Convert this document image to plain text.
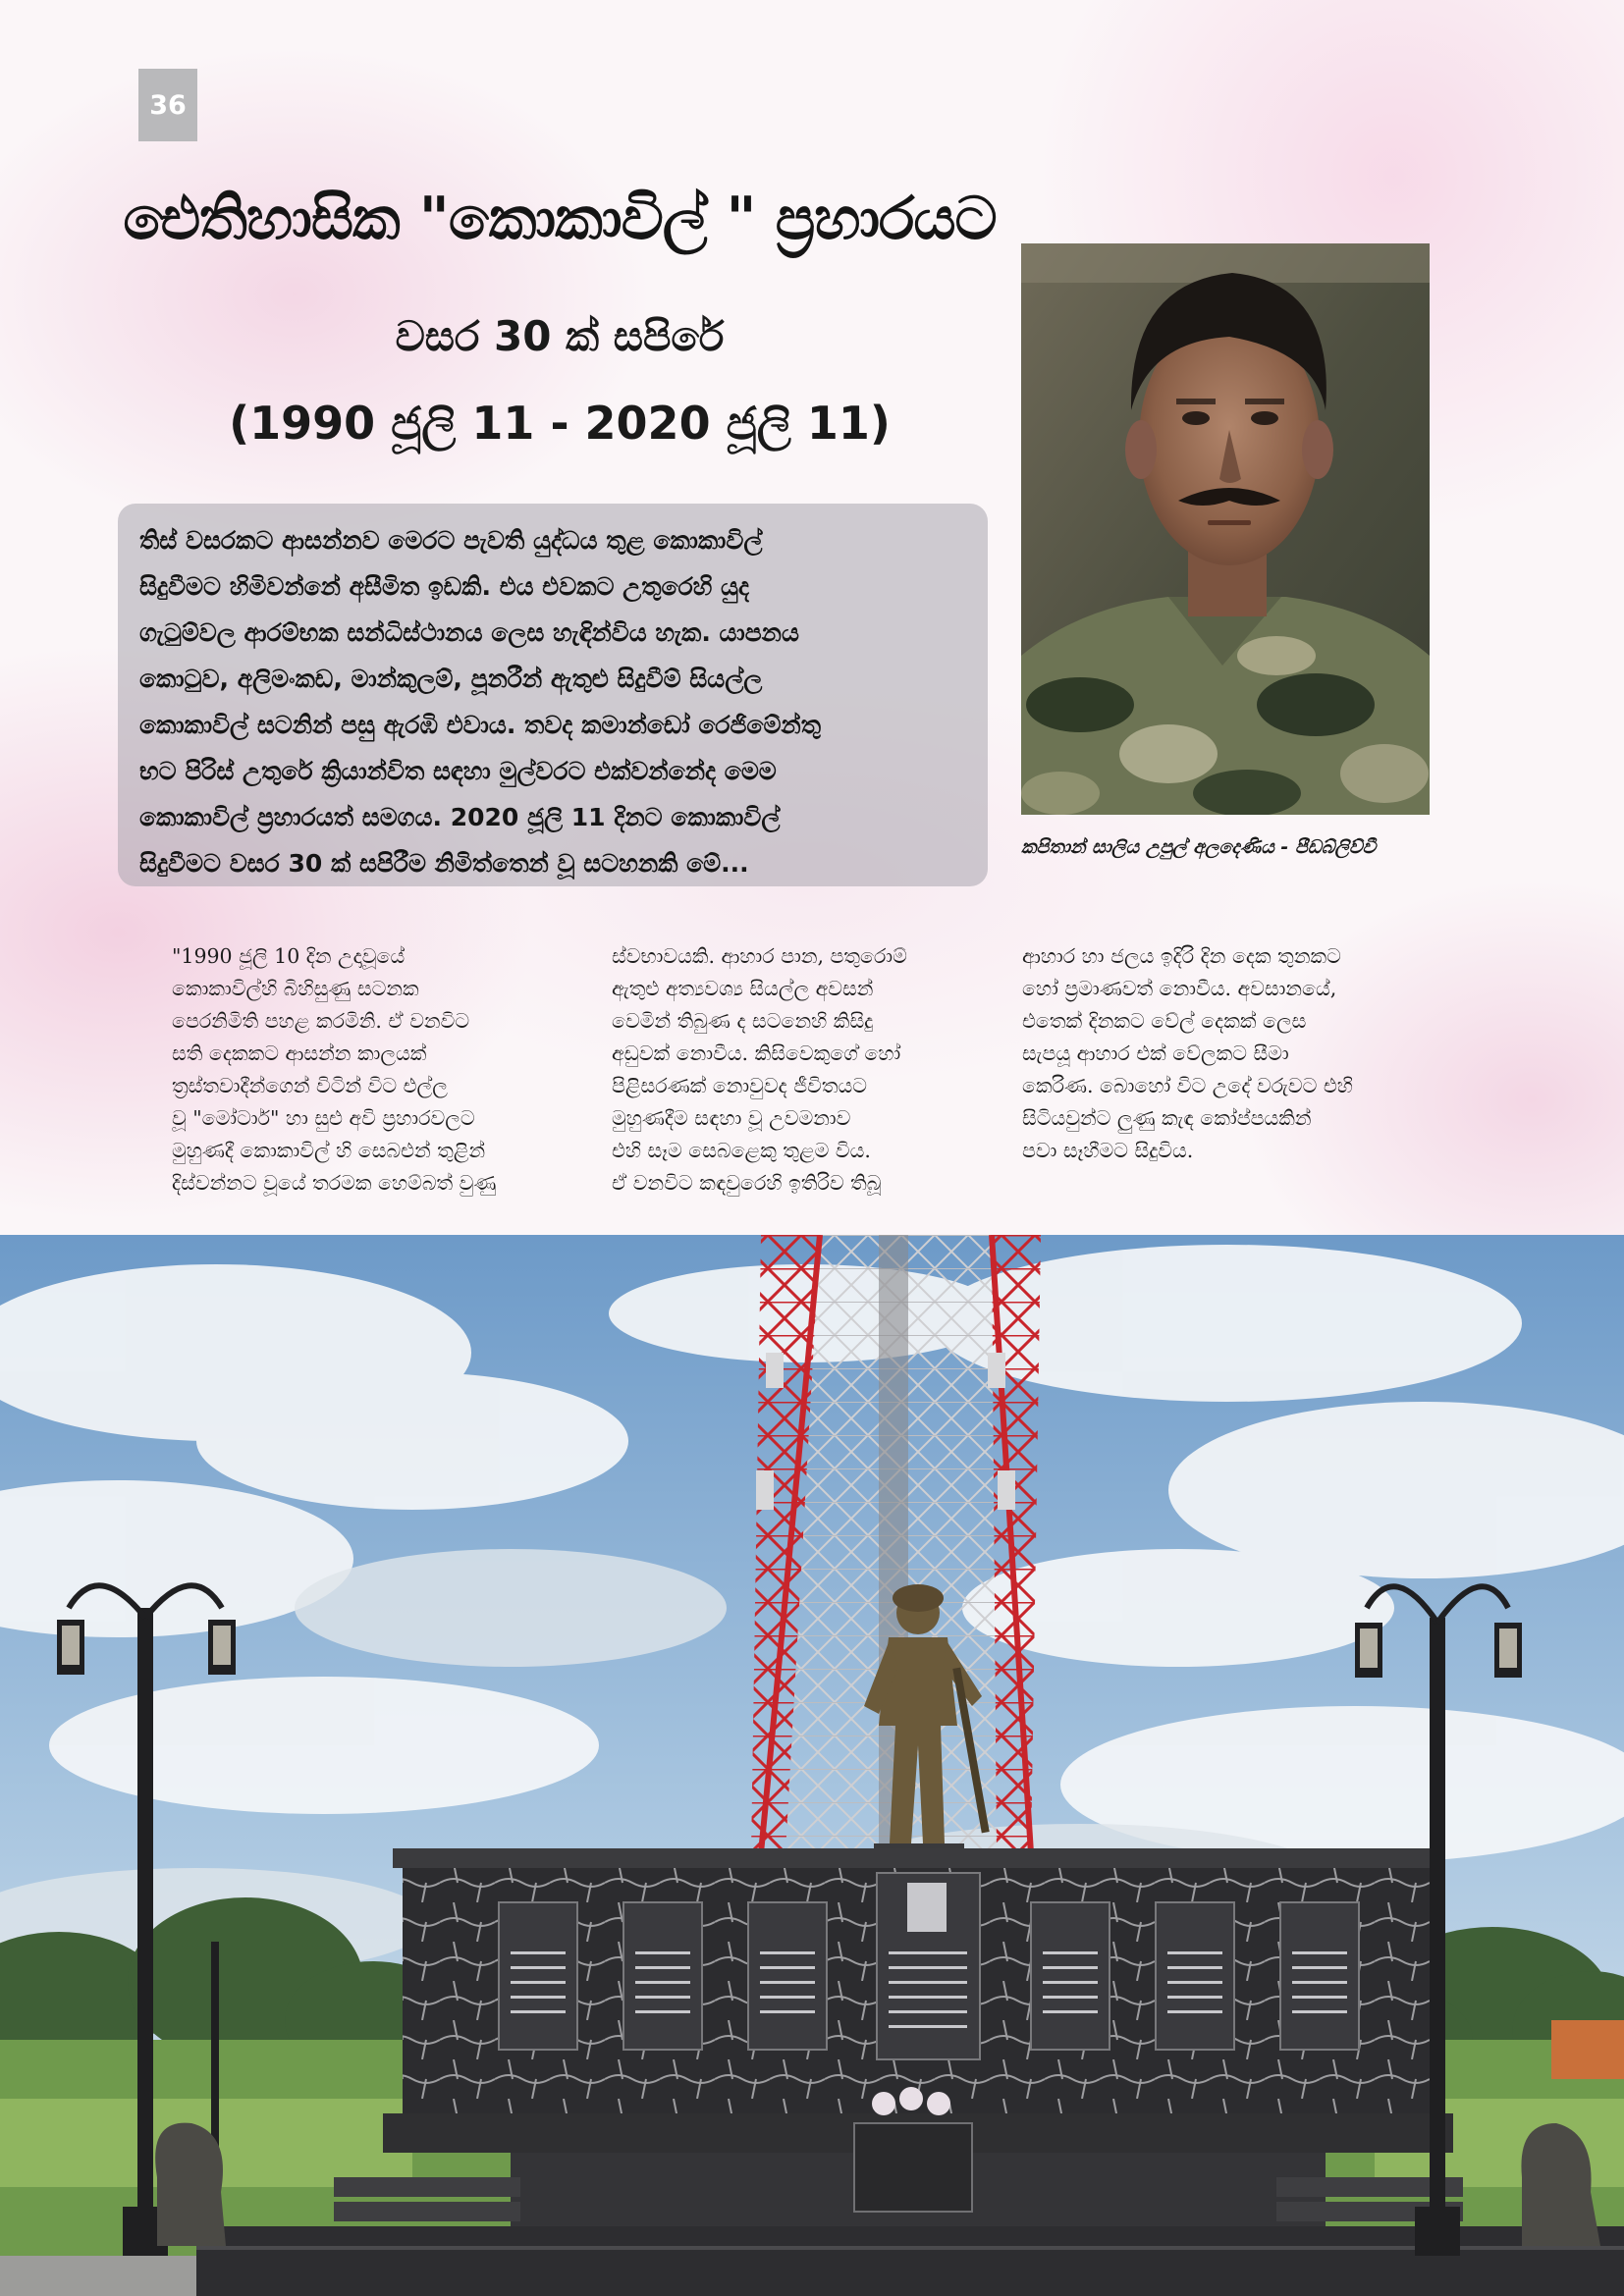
36
ඓතිහාසික "කොකාවිල් " ප්‍රහාරයට
වසර 30 ක් සපිරේ
(1990 ජූලි 11 - 2020 ජූලි 11)
තිස් වසරකට ආසන්නව මෙරට පැවති යුද්ධය තුළ කොකාවිල්
සිදුවීමට හිමිවන්නේ අසීමිත ඉඩකි. එය එවකට උතුරෙහි යුද
ගැටුම්වල ආරම්භක සන්ධිස්ථානය ලෙස හැඳින්විය හැක. යාපනය
කොටුව, අලිමංකඩ, මාන්කුලම්, පූනරීන් ඇතුළු සිදුවීම් සියල්ල
කොකාවිල් සටනින් පසු ඇරඹි එවාය. තවද කමාන්ඩෝ රෙජිමේන්තු
භට පිරිස් උතුරේ ක්‍රියාන්විත සඳහා මුල්වරට එක්වන්නේද මෙම
කොකාවිල් ප්‍රහාරයත් සමගය. 2020 ජූලි 11 දිනට කොකාවිල්
සිදුවීමට වසර 30 ක් සපිරීම නිමිත්තෙන් වූ සටහනකි මේ...
කපිතාන් සාලිය උපුල් අලදෙණිය - පීඩබ්ලිව්වී
"1990 ජූලි 10 දින උදාවූයේ
කොකාවිල්හි බිහිසුණු සටනක
පෙරනිමිති පහළ කරමිනි. ඒ වනවිට
සති දෙකකට ආසන්න කාලයක්
ත්‍රස්තවාදීන්ගෙන් විටින් විට එල්ල
වූ "මෝටාර්" හා සුළු අවි ප්‍රහාරවලට
මුහුණදී කොකාවිල් හි සෙබළුන් තුළින්
දිස්වන්නට වූයේ තරමක හෙම්බත් වුණු
ස්වභාවයකි. ආහාර පාන, පතුරොම්
ඇතුළු අත්‍යවශ්‍ය සියල්ල අවසන්
වෙමින් තිබුණ ද සටනෙහි කිසිදු
අඩුවක් නොවීය. කිසිවෙකුගේ හෝ
පිළිසරණක් නොවුවද ජීවිතයට
මුහුණදීම සඳහා වූ උවමනාව
එහි සෑම සෙබළෙකු තුළම විය.
ඒ වනවිට කඳවුරෙහි ඉතිරිව තිබූ
ආහාර හා ජලය ඉදිරි දින දෙක තුනකට
හෝ ප්‍රමාණවත් නොවීය. අවසානයේ,
එතෙක් දිනකට වේල් දෙකක් ලෙස
සැපයූ ආහාර එක් වේලකට සීමා
කෙරිණ. බොහෝ විට උදේ වරුවට එහි
සිටියවුන්ට ලුණු කැඳ කෝප්පයකින්
පවා සෑහීමට සිදුවිය.
